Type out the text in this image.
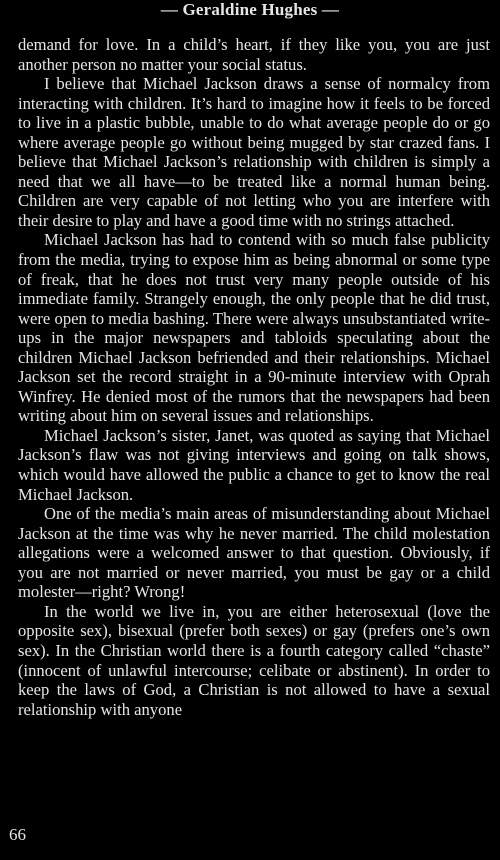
— Geraldine Hughes —

demand for love. In a child’s heart, if they like you, you are just another person no matter your social status.

I believe that Michael Jackson draws a sense of normalcy from interacting with children. It’s hard to imagine how it feels to be forced to live in a plastic bubble, unable to do what average people do or go where average people go without being mugged by star crazed fans. I believe that Michael Jackson’s relationship with children is simply a need that we all have—to be treated like a normal human being. Children are very capable of not letting who you are interfere with their desire to play and have a good time with no strings attached.

Michael Jackson has had to contend with so much false publicity from the media, trying to expose him as being abnormal or some type of freak, that he does not trust very many people outside of his immediate family. Strangely enough, the only people that he did trust, were open to media bashing. There were always unsubstantiated write-ups in the major newspapers and tabloids speculating about the children Michael Jackson befriended and their relationships. Michael Jackson set the record straight in a 90-minute interview with Oprah Winfrey. He denied most of the rumors that the newspapers had been writing about him on several issues and relationships.

Michael Jackson’s sister, Janet, was quoted as saying that Michael Jackson’s flaw was not giving interviews and going on talk shows, which would have allowed the public a chance to get to know the real Michael Jackson.

One of the media’s main areas of misunderstanding about Michael Jackson at the time was why he never married. The child molestation allegations were a welcomed answer to that question. Obviously, if you are not married or never married, you must be gay or a child molester—right? Wrong!

In the world we live in, you are either heterosexual (love the opposite sex), bisexual (prefer both sexes) or gay (prefers one’s own sex). In the Christian world there is a fourth category called “chaste” (innocent of unlawful intercourse; celibate or abstinent). In order to keep the laws of God, a Christian is not allowed to have a sexual relationship with anyone

66
